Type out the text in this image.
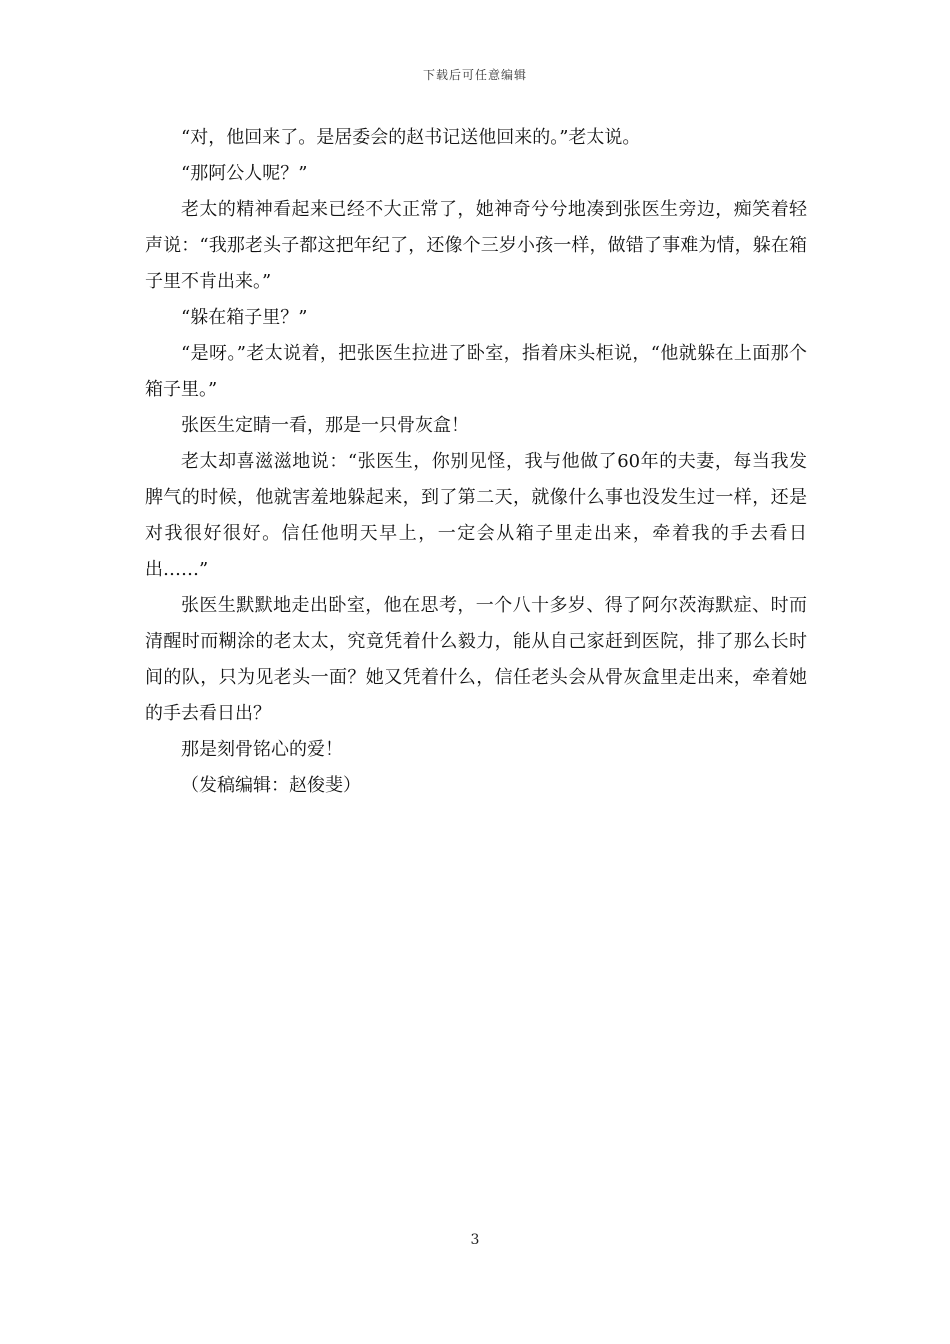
下载后可任意编辑

“对，他回来了。是居委会的赵书记送他回来的。”老太说。

“那阿公人呢？”

老太的精神看起来已经不大正常了，她神奇兮兮地凑到张医生旁边，痴笑着轻声说：“我那老头子都这把年纪了，还像个三岁小孩一样，做错了事难为情，躲在箱子里不肯出来。”

“躲在箱子里？”

“是呀。”老太说着，把张医生拉进了卧室，指着床头柜说，“他就躲在上面那个箱子里。”

张医生定睛一看，那是一只骨灰盒！

老太却喜滋滋地说：“张医生，你别见怪，我与他做了60年的夫妻，每当我发脾气的时候，他就害羞地躲起来，到了第二天，就像什么事也没发生过一样，还是对我很好很好。信任他明天早上，一定会从箱子里走出来，牵着我的手去看日出……”

张医生默默地走出卧室，他在思考，一个八十多岁、得了阿尔茨海默症、时而清醒时而糊涂的老太太，究竟凭着什么毅力，能从自己家赶到医院，排了那么长时间的队，只为见老头一面？她又凭着什么，信任老头会从骨灰盒里走出来，牵着她的手去看日出？

那是刻骨铭心的爱！

（发稿编辑：赵俊斐）

3
